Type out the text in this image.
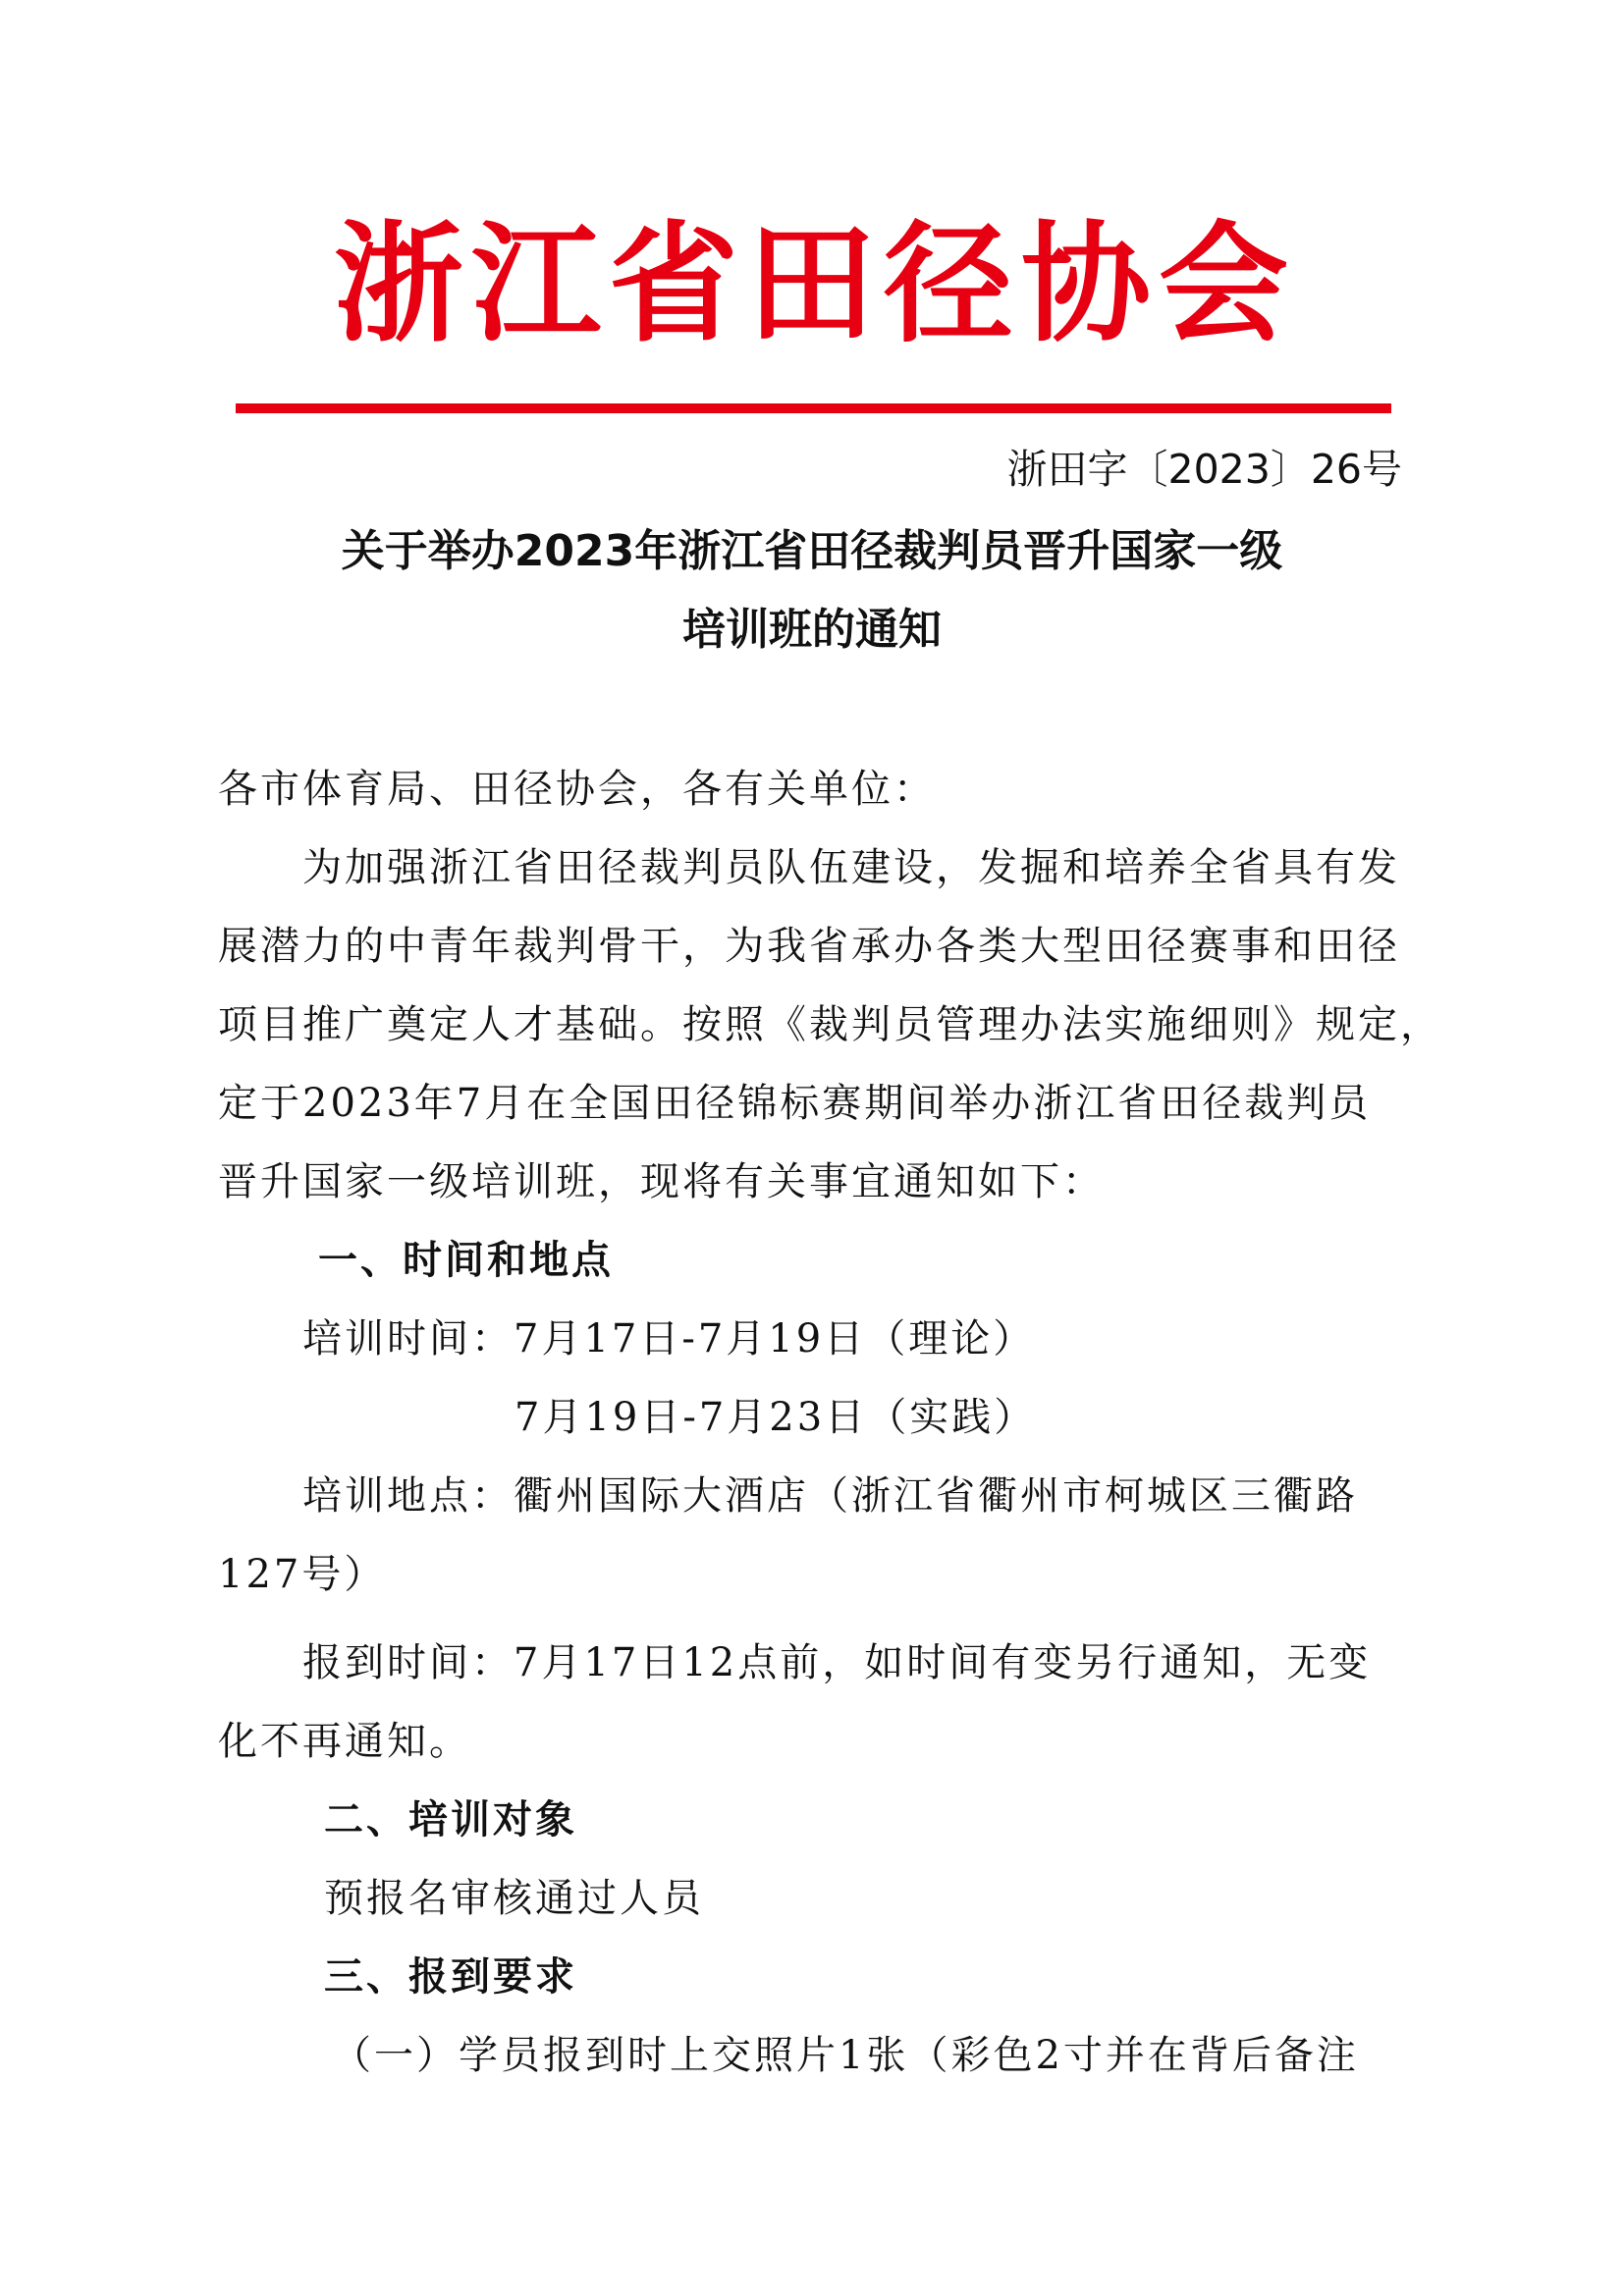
浙江省田径协会
浙田字〔2023〕26号
关于举办2023年浙江省田径裁判员晋升国家一级
培训班的通知
各市体育局、田径协会，各有关单位：
为加强浙江省田径裁判员队伍建设，发掘和培养全省具有发
展潜力的中青年裁判骨干，为我省承办各类大型田径赛事和田径
项目推广奠定人才基础。按照《裁判员管理办法实施细则》规定，
定于2023年7月在全国田径锦标赛期间举办浙江省田径裁判员
晋升国家一级培训班，现将有关事宜通知如下：
一、时间和地点
培训时间：7月17日-7月19日（理论）
7月19日-7月23日（实践）
培训地点：衢州国际大酒店（浙江省衢州市柯城区三衢路
127号）
报到时间：7月17日12点前，如时间有变另行通知，无变
化不再通知。
二、培训对象
预报名审核通过人员
三、报到要求
（一）学员报到时上交照片1张（彩色2寸并在背后备注
